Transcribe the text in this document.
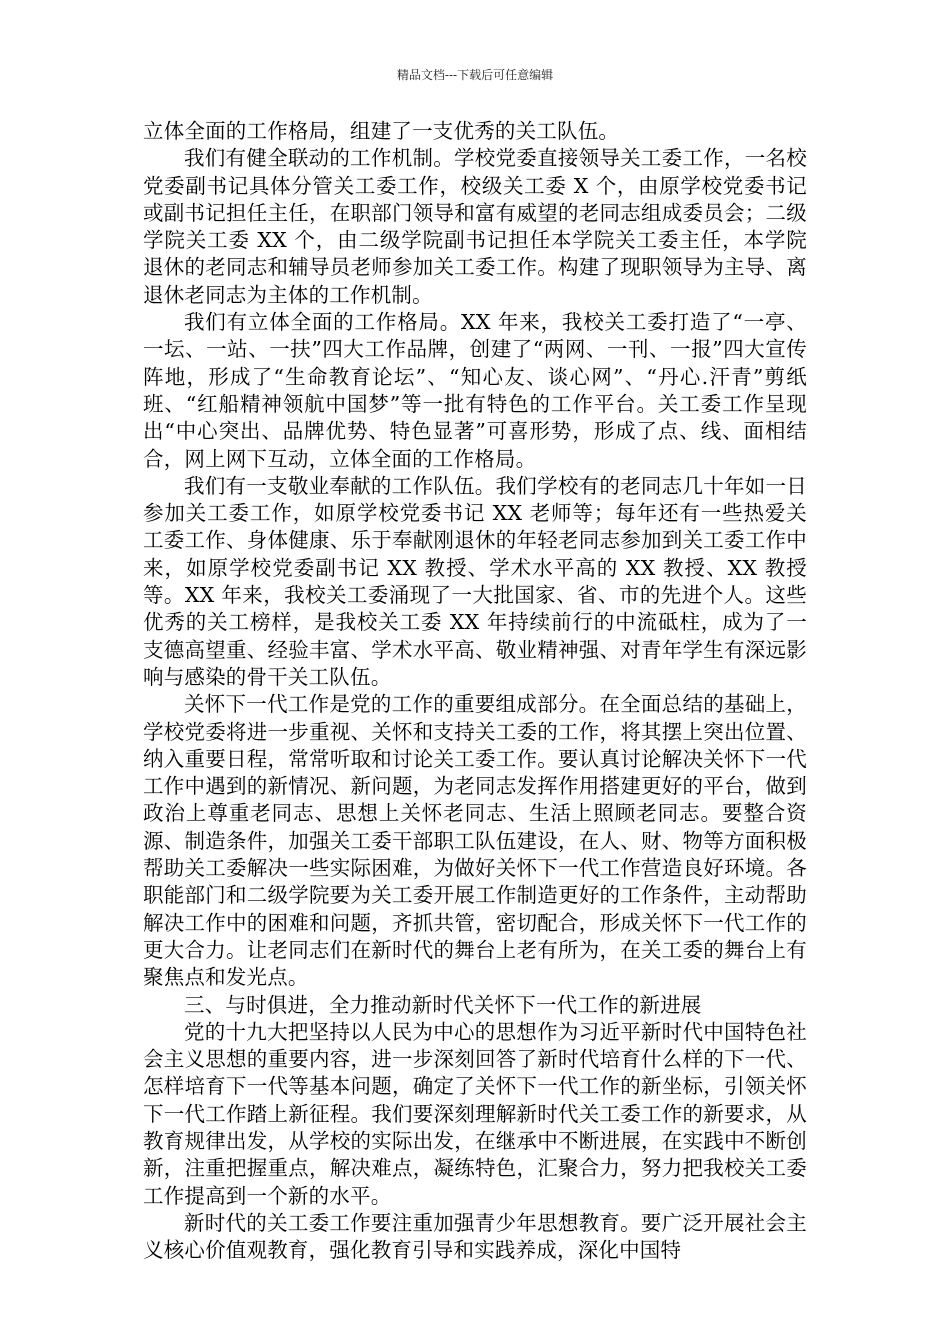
精品文档---下载后可任意编辑

立体全面的工作格局，组建了一支优秀的关工队伍。

我们有健全联动的工作机制。学校党委直接领导关工委工作，一名校党委副书记具体分管关工委工作，校级关工委 X 个，由原学校党委书记或副书记担任主任，在职部门领导和富有威望的老同志组成委员会；二级学院关工委 XX 个，由二级学院副书记担任本学院关工委主任，本学院退休的老同志和辅导员老师参加关工委工作。构建了现职领导为主导、离退休老同志为主体的工作机制。

我们有立体全面的工作格局。XX 年来，我校关工委打造了“一亭、一坛、一站、一扶”四大工作品牌，创建了“两网、一刊、一报”四大宣传阵地，形成了“生命教育论坛”、“知心友、谈心网”、“丹心.汗青”剪纸班、“红船精神领航中国梦”等一批有特色的工作平台。关工委工作呈现出“中心突出、品牌优势、特色显著”可喜形势，形成了点、线、面相结合，网上网下互动，立体全面的工作格局。

我们有一支敬业奉献的工作队伍。我们学校有的老同志几十年如一日参加关工委工作，如原学校党委书记 XX 老师等；每年还有一些热爱关工委工作、身体健康、乐于奉献刚退休的年轻老同志参加到关工委工作中来，如原学校党委副书记 XX 教授、学术水平高的 XX 教授、XX 教授等。XX 年来，我校关工委涌现了一大批国家、省、市的先进个人。这些优秀的关工榜样，是我校关工委 XX 年持续前行的中流砥柱，成为了一支德高望重、经验丰富、学术水平高、敬业精神强、对青年学生有深远影响与感染的骨干关工队伍。

关怀下一代工作是党的工作的重要组成部分。在全面总结的基础上，学校党委将进一步重视、关怀和支持关工委的工作，将其摆上突出位置、纳入重要日程，常常听取和讨论关工委工作。要认真讨论解决关怀下一代工作中遇到的新情况、新问题，为老同志发挥作用搭建更好的平台，做到政治上尊重老同志、思想上关怀老同志、生活上照顾老同志。要整合资源、制造条件，加强关工委干部职工队伍建设，在人、财、物等方面积极帮助关工委解决一些实际困难，为做好关怀下一代工作营造良好环境。各职能部门和二级学院要为关工委开展工作制造更好的工作条件，主动帮助解决工作中的困难和问题，齐抓共管，密切配合，形成关怀下一代工作的更大合力。让老同志们在新时代的舞台上老有所为，在关工委的舞台上有聚焦点和发光点。

三、与时俱进，全力推动新时代关怀下一代工作的新进展

党的十九大把坚持以人民为中心的思想作为习近平新时代中国特色社会主义思想的重要内容，进一步深刻回答了新时代培育什么样的下一代、怎样培育下一代等基本问题，确定了关怀下一代工作的新坐标，引领关怀下一代工作踏上新征程。我们要深刻理解新时代关工委工作的新要求，从教育规律出发，从学校的实际出发，在继承中不断进展，在实践中不断创新，注重把握重点，解决难点，凝练特色，汇聚合力，努力把我校关工委工作提高到一个新的水平。

新时代的关工委工作要注重加强青少年思想教育。要广泛开展社会主义核心价值观教育，强化教育引导和实践养成，深化中国特
